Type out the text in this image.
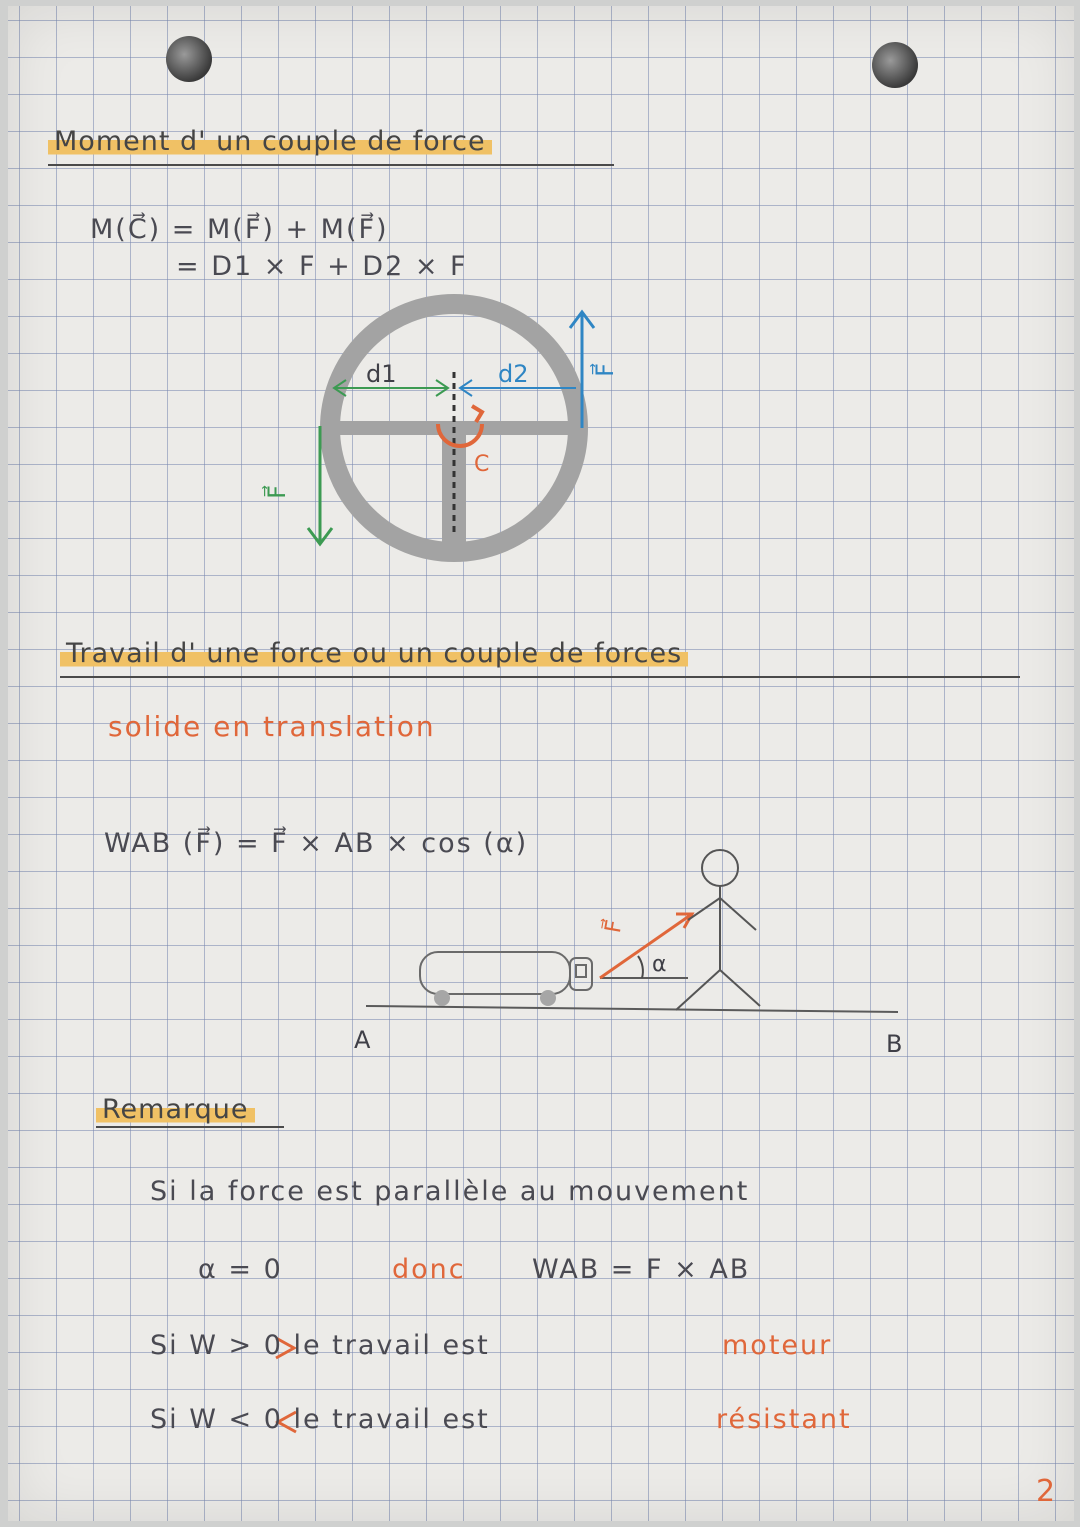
Moment d' un couple de force
M(C⃗) = M(F⃗) + M(F⃗)
= D1 × F + D2 × F
d1	d2	F⃗
F⃗
C
Travail d' une force ou un couple de forces
solide en translation
WAB (F⃗) = F⃗ × AB × cos (α)
F⃗
α
A	B
Remarque
Si la force est parallèle au mouvement
α = 0	donc WAB = F × AB
Si W > 0 le travail est	moteur
Si W < 0 le travail est	résistant
2
